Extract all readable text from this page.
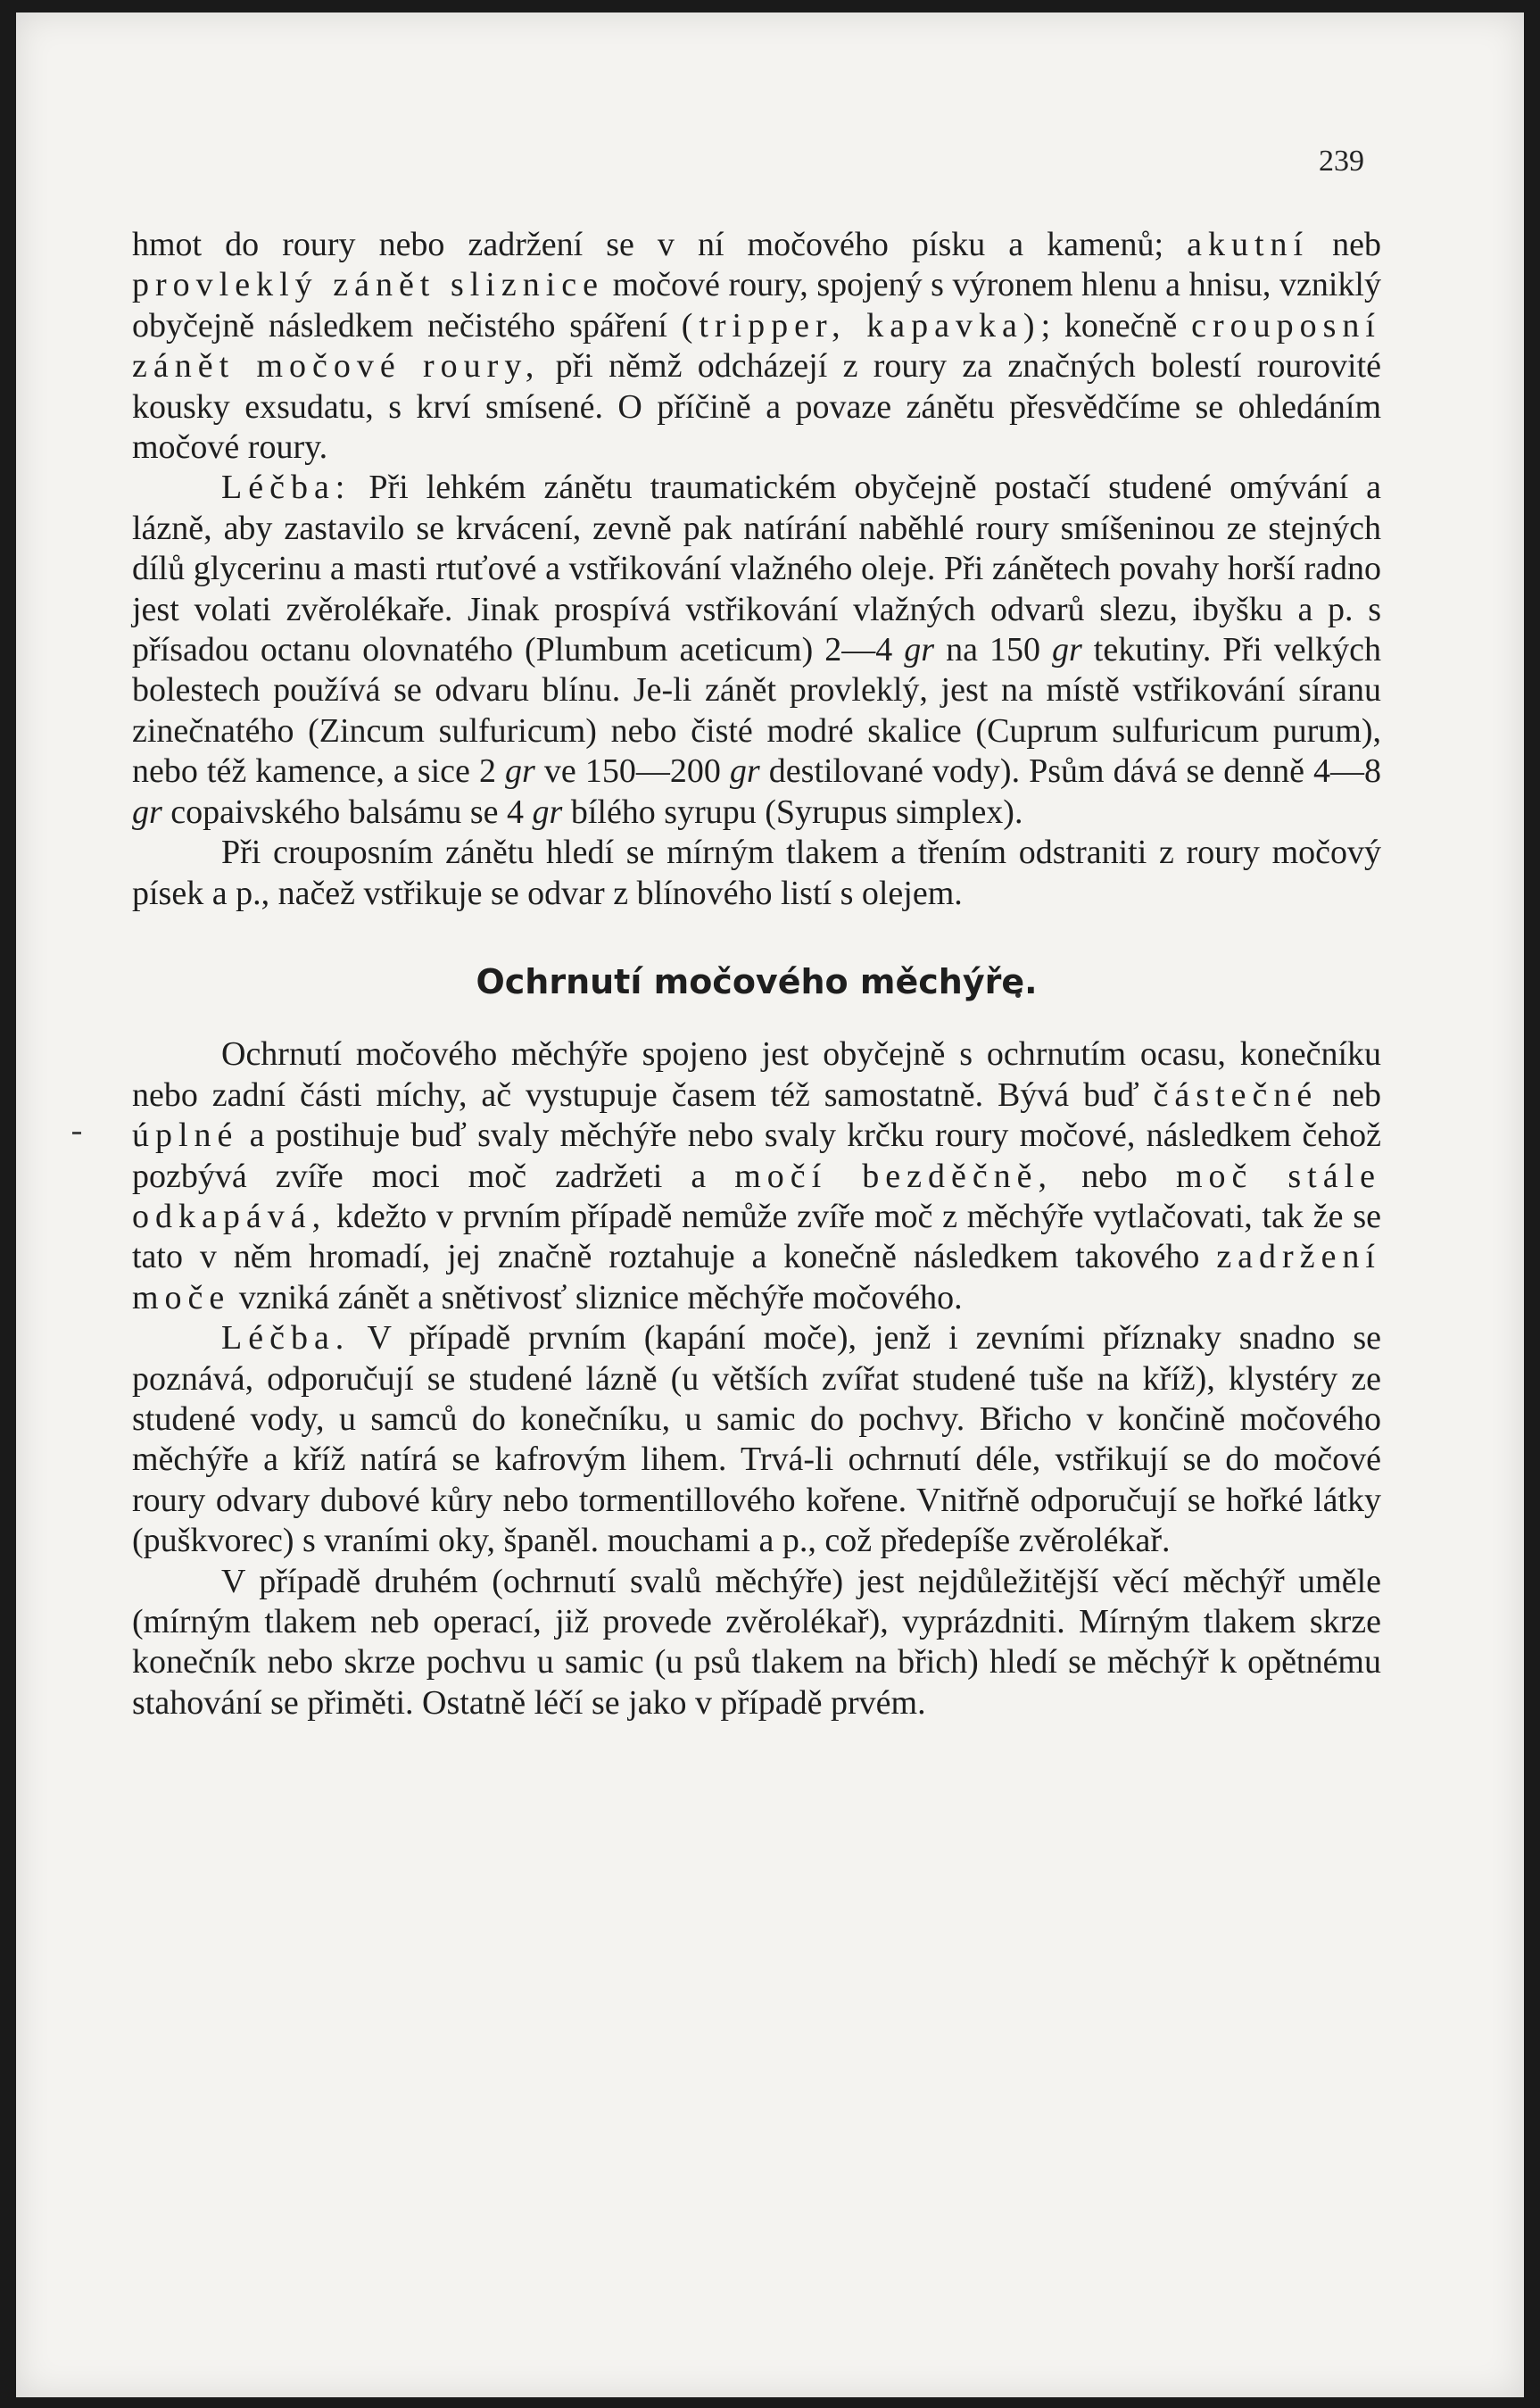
239

hmot do roury nebo zadržení se v ní močového písku a kamenů; akutní neb provleklý zánět sliznice močové roury, spojený s výronem hlenu a hnisu, vzniklý obyčejně následkem nečistého spáření (tripper, kapavka); konečně crouposní zánět močové roury, při němž odcházejí z roury za značných bolestí rourovité kousky exsudatu, s krví smísené. O příčině a povaze zánětu přesvědčíme se ohledáním močové roury.

Léčba: Při lehkém zánětu traumatickém obyčejně postačí studené omývání a lázně, aby zastavilo se krvácení, zevně pak natírání naběhlé roury smíšeninou ze stejných dílů glycerinu a masti rtuťové a vstřikování vlažného oleje. Při zánětech povahy horší radno jest volati zvěrolékaře. Jinak prospívá vstřikování vlažných odvarů slezu, ibyšku a p. s přísadou octanu olovnatého (Plumbum aceticum) 2—4 gr na 150 gr tekutiny. Při velkých bolestech používá se odvaru blínu. Je-li zánět provleklý, jest na místě vstřikování síranu zinečnatého (Zincum sulfuricum) nebo čisté modré skalice (Cuprum sulfuricum purum), nebo též kamence, a sice 2 gr ve 150—200 gr destilované vody). Psům dává se denně 4—8 gr copaivského balsámu se 4 gr bílého syrupu (Syrupus simplex).

Při crouposním zánětu hledí se mírným tlakem a třením odstraniti z roury močový písek a p., načež vstřikuje se odvar z blínového listí s olejem.

Ochrnutí močového měchýře.

Ochrnutí močového měchýře spojeno jest obyčejně s ochrnutím ocasu, konečníku nebo zadní části míchy, ač vystupuje časem též samostatně. Bývá buď částečné neb úplné a postihuje buď svaly měchýře nebo svaly krčku roury močové, následkem čehož pozbývá zvíře moci moč zadržeti a močí bezděčně, nebo moč stále odkapává, kdežto v prvním případě nemůže zvíře moč z měchýře vytlačovati, tak že se tato v něm hromadí, jej značně roztahuje a konečně následkem takového zadržení moče vzniká zánět a snětivosť sliznice měchýře močového.

Léčba. V případě prvním (kapání moče), jenž i zevními příznaky snadno se poznává, odporučují se studené lázně (u větších zvířat studené tuše na kříž), klystéry ze studené vody, u samců do konečníku, u samic do pochvy. Břicho v končině močového měchýře a kříž natírá se kafrovým lihem. Trvá-li ochrnutí déle, vstřikují se do močové roury odvary dubové kůry nebo tormentillového kořene. Vnitřně odporučují se hořké látky (puškvorec) s vraními oky, španěl. mouchami a p., což předepíše zvěrolékař.

V případě druhém (ochrnutí svalů měchýře) jest nejdůležitější věcí měchýř uměle (mírným tlakem neb operací, již provede zvěrolékař), vyprázdniti. Mírným tlakem skrze konečník nebo skrze pochvu u samic (u psů tlakem na břich) hledí se měchýř k opětnému stahování se přiměti. Ostatně léčí se jako v případě prvém.
